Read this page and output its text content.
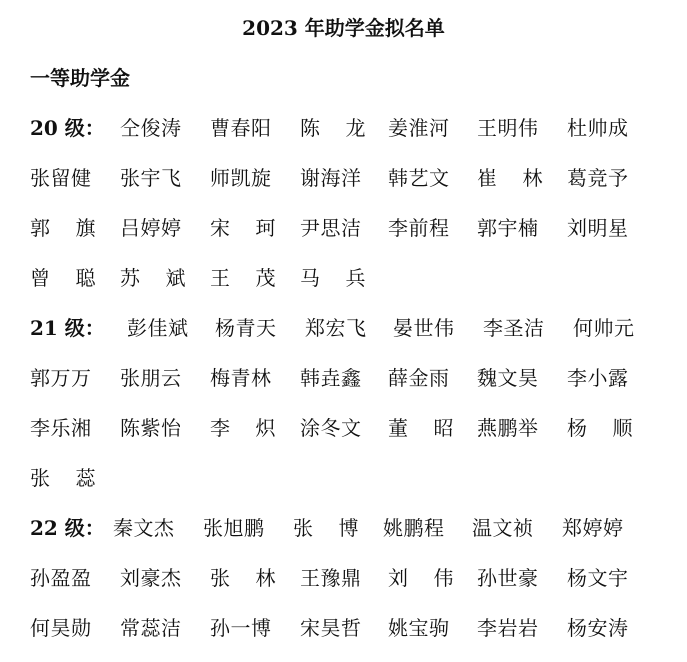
2023 年助学金拟名单
一等助学金
20 级： 仝俊涛 曹春阳 陈 龙 姜淮河 王明伟 杜帅成
张留健 张宇飞 师凯旋 谢海洋 韩艺文 崔 林 葛竞予
郭 旗 吕婷婷 宋 珂 尹思洁 李前程 郭宇楠 刘明星
曾 聪 苏 斌 王 茂 马 兵
21 级： 彭佳斌 杨青天 郑宏飞 晏世伟 李圣洁 何帅元
郭万万 张朋云 梅青林 韩垚鑫 薛金雨 魏文昊 李小露
李乐湘 陈紫怡 李 炽 涂冬文 董 昭 燕鹏举 杨 顺
张 蕊
22 级： 秦文杰 张旭鹏 张 博 姚鹏程 温文祯 郑婷婷
孙盈盈 刘豪杰 张 林 王豫鼎 刘 伟 孙世豪 杨文宇
何昊勋 常蕊洁 孙一博 宋昊哲 姚宝驹 李岩岩 杨安涛
